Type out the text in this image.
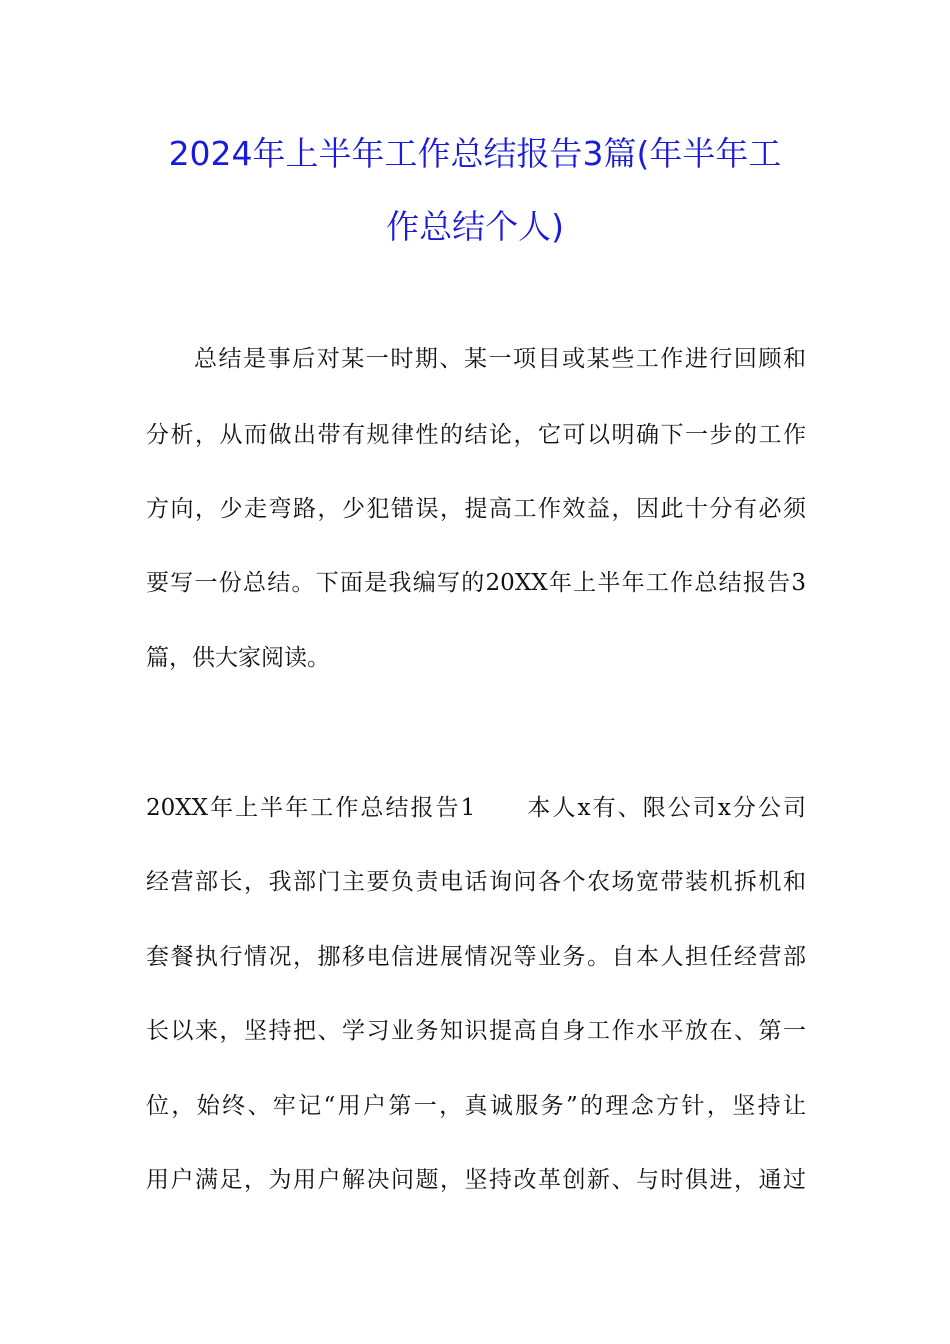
2024年上半年工作总结报告3篇(年半年工
作总结个人)
总结是事后对某一时期、某一项目或某些工作进行回顾和
分析，从而做出带有规律性的结论，它可以明确下一步的工作
方向，少走弯路，少犯错误，提高工作效益，因此十分有必须
要写一份总结。下面是我编写的20XX年上半年工作总结报告3
篇，供大家阅读。
20XX年上半年工作总结报告1　　本人x有、限公司x分公司
经营部长，我部门主要负责电话询问各个农场宽带装机拆机和
套餐执行情况，挪移电信进展情况等业务。自本人担任经营部
长以来，坚持把、学习业务知识提高自身工作水平放在、第一
位，始终、牢记“用户第一，真诚服务”的理念方针，坚持让
用户满足，为用户解决问题，坚持改革创新、与时俱进，通过
